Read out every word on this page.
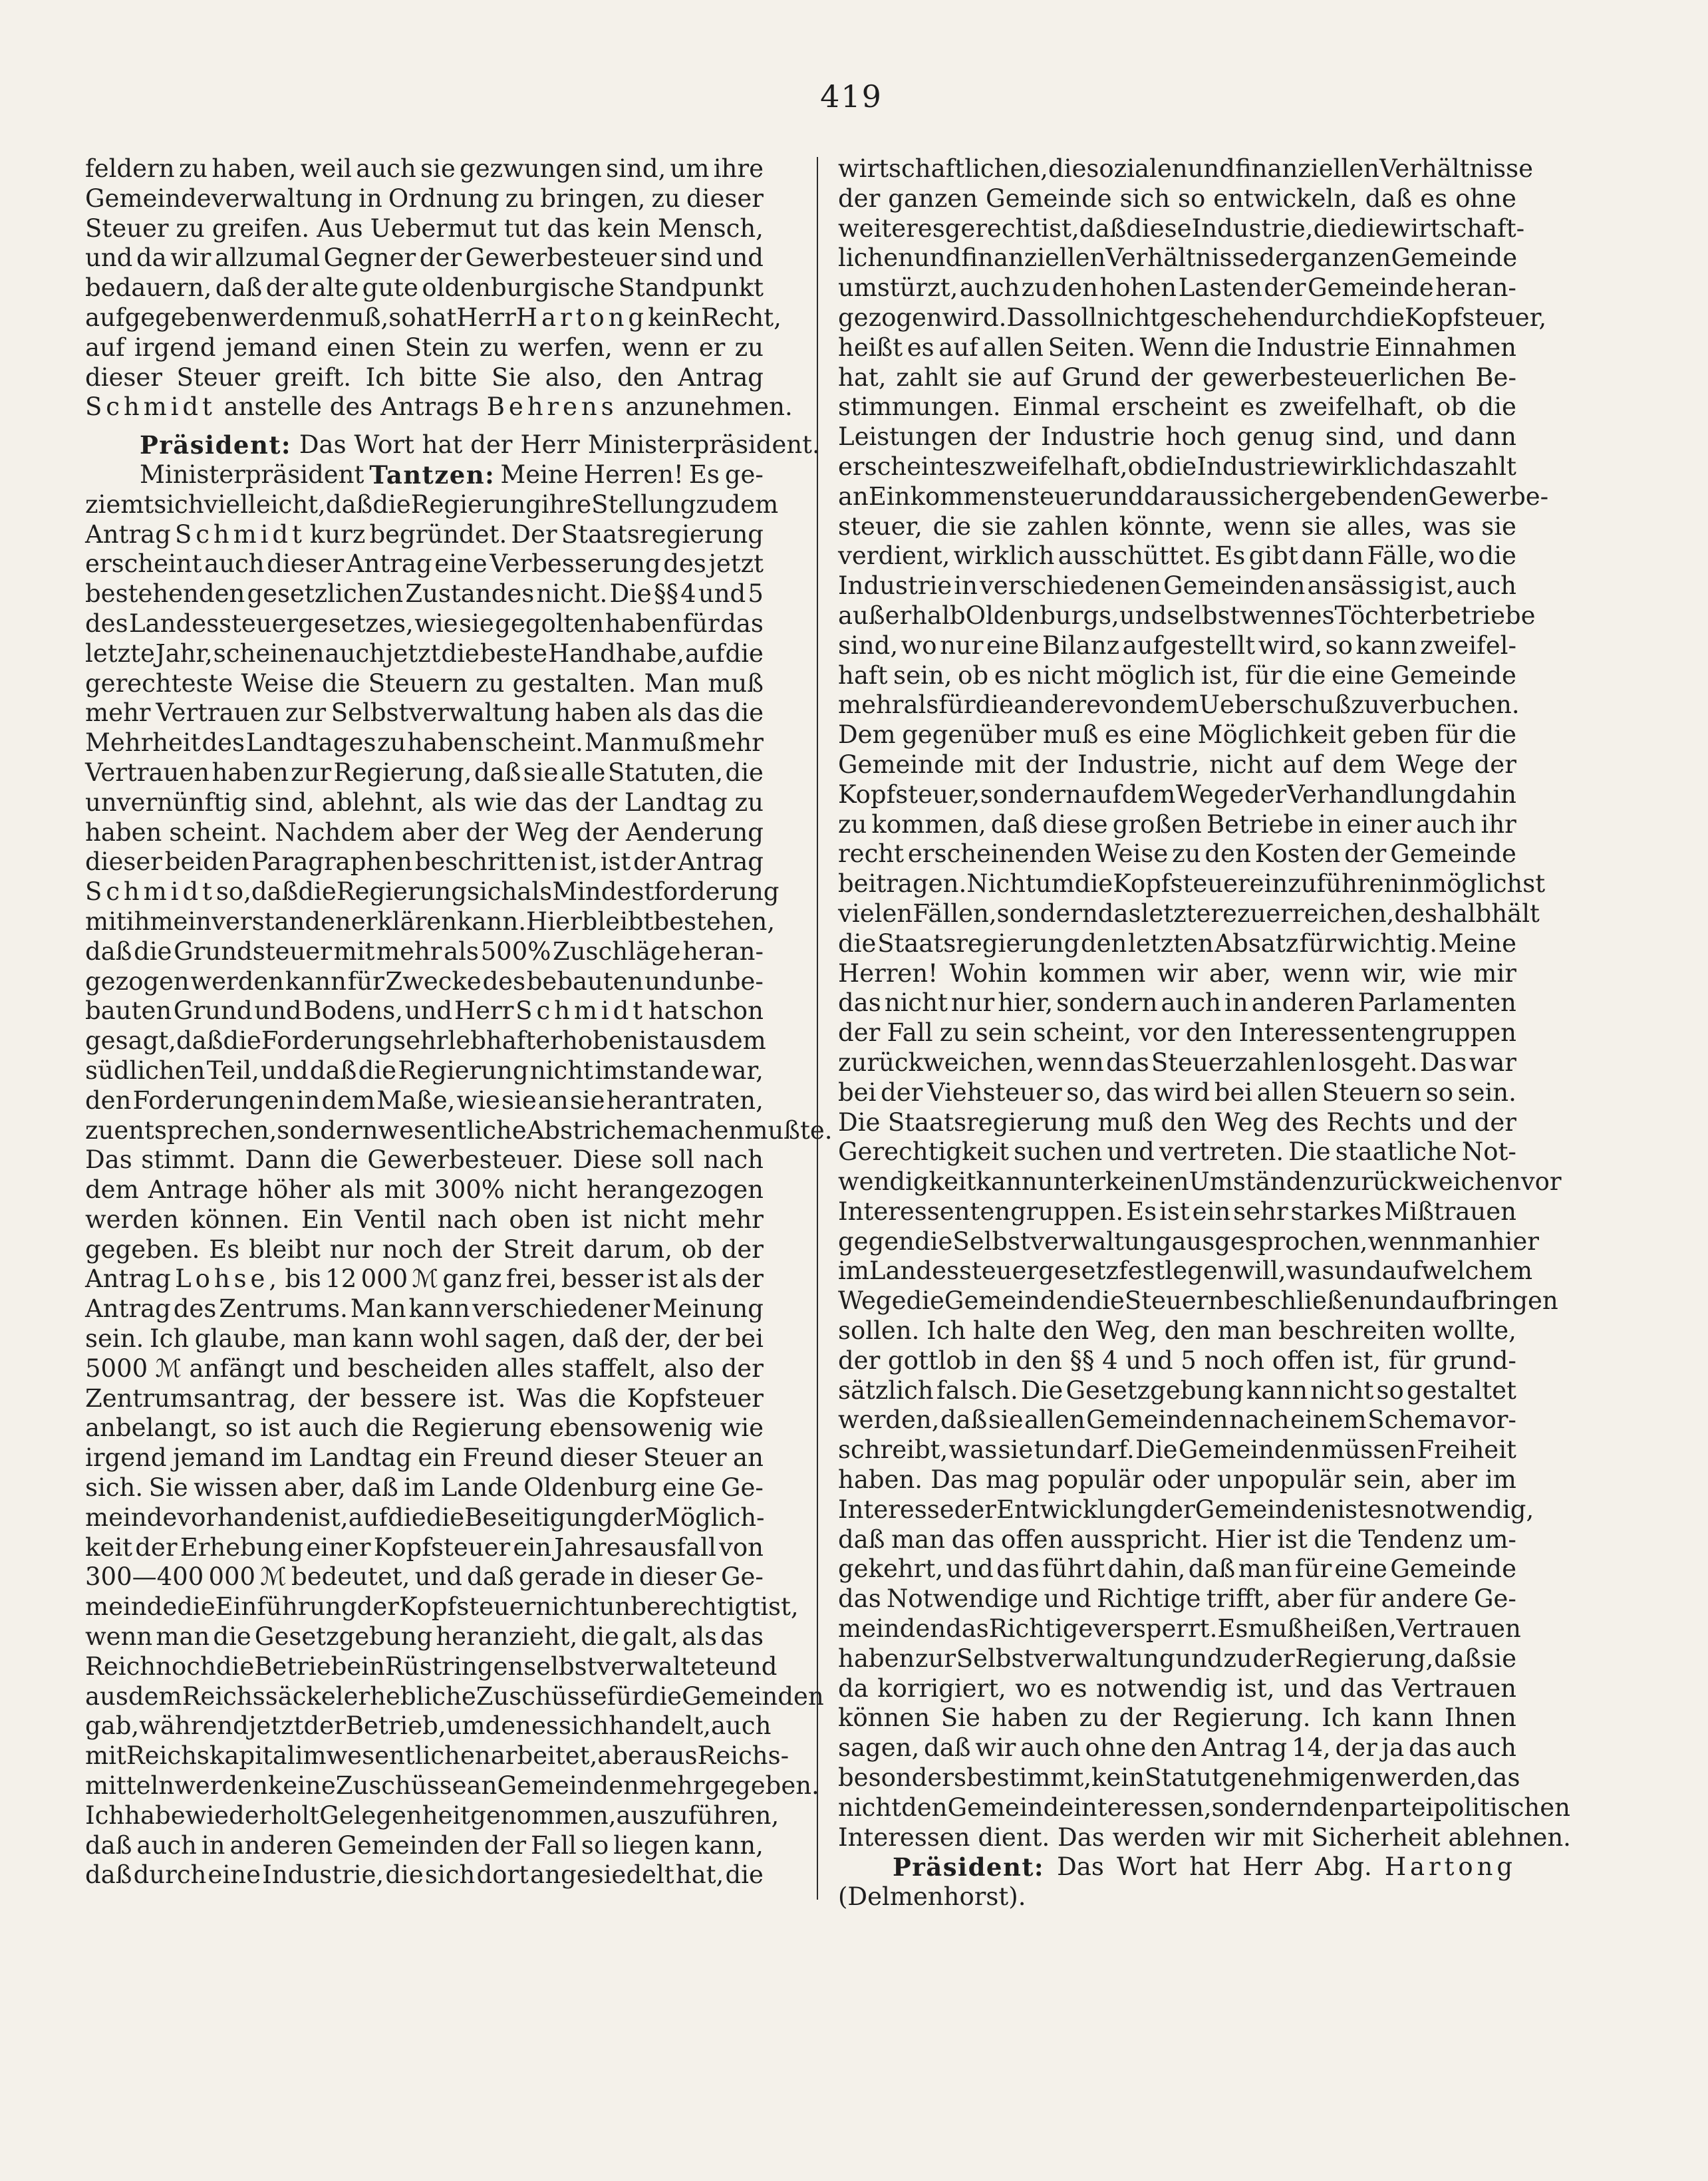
419
feldern zu haben, weil auch sie gezwungen sind, um ihre
Gemeindeverwaltung in Ordnung zu bringen, zu dieser
Steuer zu greifen. Aus Uebermut tut das kein Mensch,
und da wir allzumal Gegner der Gewerbesteuer sind und
bedauern, daß der alte gute oldenburgische Standpunkt
aufgegeben werden muß, so hat Herr Hartong kein Recht,
auf irgend jemand einen Stein zu werfen, wenn er zu
dieser Steuer greift. Ich bitte Sie also, den Antrag
Schmidt anstelle des Antrags Behrens anzunehmen.
Präsident: Das Wort hat der Herr Ministerpräsident.
Ministerpräsident Tantzen: Meine Herren! Es ge-
ziemt sich vielleicht, daß die Regierung ihre Stellung zu dem
Antrag Schmidt kurz begründet. Der Staatsregierung
erscheint auch dieser Antrag eine Verbesserung des jetzt
bestehenden gesetzlichen Zustandes nicht. Die §§ 4 und 5
des Landessteuergesetzes, wie sie gegolten haben für das
letzte Jahr, scheinen auch jetzt die beste Handhabe, auf die
gerechteste Weise die Steuern zu gestalten. Man muß
mehr Vertrauen zur Selbstverwaltung haben als das die
Mehrheit des Landtages zu haben scheint. Man muß mehr
Vertrauen haben zur Regierung, daß sie alle Statuten, die
unvernünftig sind, ablehnt, als wie das der Landtag zu
haben scheint. Nachdem aber der Weg der Aenderung
dieser beiden Paragraphen beschritten ist, ist der Antrag
Schmidt so, daß die Regierung sich als Mindestforderung
mit ihm einverstanden erklären kann. Hier bleibt bestehen,
daß die Grundsteuer mit mehr als 500% Zuschläge heran-
gezogen werden kann für Zwecke des bebauten und unbe-
bauten Grund und Bodens, und Herr Schmidt hat schon
gesagt, daß die Forderung sehr lebhaft erhoben ist aus dem
südlichen Teil, und daß die Regierung nicht imstande war,
den Forderungen in dem Maße, wie sie an sie herantraten,
zu entsprechen, sondern wesentliche Abstriche machen mußte.
Das stimmt. Dann die Gewerbesteuer. Diese soll nach
dem Antrage höher als mit 300% nicht herangezogen
werden können. Ein Ventil nach oben ist nicht mehr
gegeben. Es bleibt nur noch der Streit darum, ob der
Antrag Lohse, bis 12 000 ℳ ganz frei, besser ist als der
Antrag des Zentrums. Man kann verschiedener Meinung
sein. Ich glaube, man kann wohl sagen, daß der, der bei
5000 ℳ anfängt und bescheiden alles staffelt, also der
Zentrumsantrag, der bessere ist. Was die Kopfsteuer
anbelangt, so ist auch die Regierung ebensowenig wie
irgend jemand im Landtag ein Freund dieser Steuer an
sich. Sie wissen aber, daß im Lande Oldenburg eine Ge-
meinde vorhanden ist, auf die die Beseitigung der Möglich-
keit der Erhebung einer Kopfsteuer ein Jahresausfall von
300—400 000 ℳ bedeutet, und daß gerade in dieser Ge-
meinde die Einführung der Kopfsteuer nicht unberechtigt ist,
wenn man die Gesetzgebung heranzieht, die galt, als das
Reich noch die Betriebe in Rüstringen selbst verwaltete und
aus dem Reichssäckel erhebliche Zuschüsse für die Gemeinden
gab, während jetzt der Betrieb, um den es sich handelt, auch
mit Reichskapital im wesentlichen arbeitet, aber aus Reichs-
mitteln werden keine Zuschüsse an Gemeinden mehr gegeben.
Ich habe wiederholt Gelegenheit genommen, auszuführen,
daß auch in anderen Gemeinden der Fall so liegen kann,
daß durch eine Industrie, die sich dort angesiedelt hat, die
wirtschaftlichen, die sozialen und finanziellen Verhältnisse
der ganzen Gemeinde sich so entwickeln, daß es ohne
weiteres gerecht ist, daß diese Industrie, die die wirtschaft-
lichen und finanziellen Verhältnisse der ganzen Gemeinde
umstürzt, auch zu den hohen Lasten der Gemeinde heran-
gezogen wird. Das soll nicht geschehen durch die Kopfsteuer,
heißt es auf allen Seiten. Wenn die Industrie Einnahmen
hat, zahlt sie auf Grund der gewerbesteuerlichen Be-
stimmungen. Einmal erscheint es zweifelhaft, ob die
Leistungen der Industrie hoch genug sind, und dann
erscheint es zweifelhaft, ob die Industrie wirklich das zahlt
an Einkommensteuer und daraus sich ergebenden Gewerbe-
steuer, die sie zahlen könnte, wenn sie alles, was sie
verdient, wirklich ausschüttet. Es gibt dann Fälle, wo die
Industrie in verschiedenen Gemeinden ansässig ist, auch
außerhalb Oldenburgs, und selbst wenn es Töchterbetriebe
sind, wo nur eine Bilanz aufgestellt wird, so kann zweifel-
haft sein, ob es nicht möglich ist, für die eine Gemeinde
mehr als für die andere von dem Ueberschuß zu verbuchen.
Dem gegenüber muß es eine Möglichkeit geben für die
Gemeinde mit der Industrie, nicht auf dem Wege der
Kopfsteuer, sondern auf dem Wege der Verhandlung dahin
zu kommen, daß diese großen Betriebe in einer auch ihr
recht erscheinenden Weise zu den Kosten der Gemeinde
beitragen. Nicht um die Kopfsteuer einzuführen in möglichst
vielen Fällen, sondern das letztere zu erreichen, deshalb hält
die Staatsregierung den letzten Absatz für wichtig. Meine
Herren! Wohin kommen wir aber, wenn wir, wie mir
das nicht nur hier, sondern auch in anderen Parlamenten
der Fall zu sein scheint, vor den Interessentengruppen
zurückweichen, wenn das Steuerzahlen losgeht. Das war
bei der Viehsteuer so, das wird bei allen Steuern so sein.
Die Staatsregierung muß den Weg des Rechts und der
Gerechtigkeit suchen und vertreten. Die staatliche Not-
wendigkeit kann unter keinen Umständen zurückweichen vor
Interessentengruppen. Es ist ein sehr starkes Mißtrauen
gegen die Selbstverwaltung ausgesprochen, wenn man hier
im Landessteuergesetz festlegen will, was und auf welchem
Wege die Gemeinden die Steuern beschließen und aufbringen
sollen. Ich halte den Weg, den man beschreiten wollte,
der gottlob in den §§ 4 und 5 noch offen ist, für grund-
sätzlich falsch. Die Gesetzgebung kann nicht so gestaltet
werden, daß sie allen Gemeinden nach einem Schema vor-
schreibt, was sie tun darf. Die Gemeinden müssen Freiheit
haben. Das mag populär oder unpopulär sein, aber im
Interesse der Entwicklung der Gemeinden ist es notwendig,
daß man das offen ausspricht. Hier ist die Tendenz um-
gekehrt, und das führt dahin, daß man für eine Gemeinde
das Notwendige und Richtige trifft, aber für andere Ge-
meinden das Richtige versperrt. Es muß heißen, Vertrauen
haben zur Selbstverwaltung und zu der Regierung, daß sie
da korrigiert, wo es notwendig ist, und das Vertrauen
können Sie haben zu der Regierung. Ich kann Ihnen
sagen, daß wir auch ohne den Antrag 14, der ja das auch
besonders bestimmt, kein Statut genehmigen werden, das
nicht den Gemeindeinteressen, sondern den parteipolitischen
Interessen dient. Das werden wir mit Sicherheit ablehnen.
Präsident: Das Wort hat Herr Abg. Hartong
(Delmenhorst).
